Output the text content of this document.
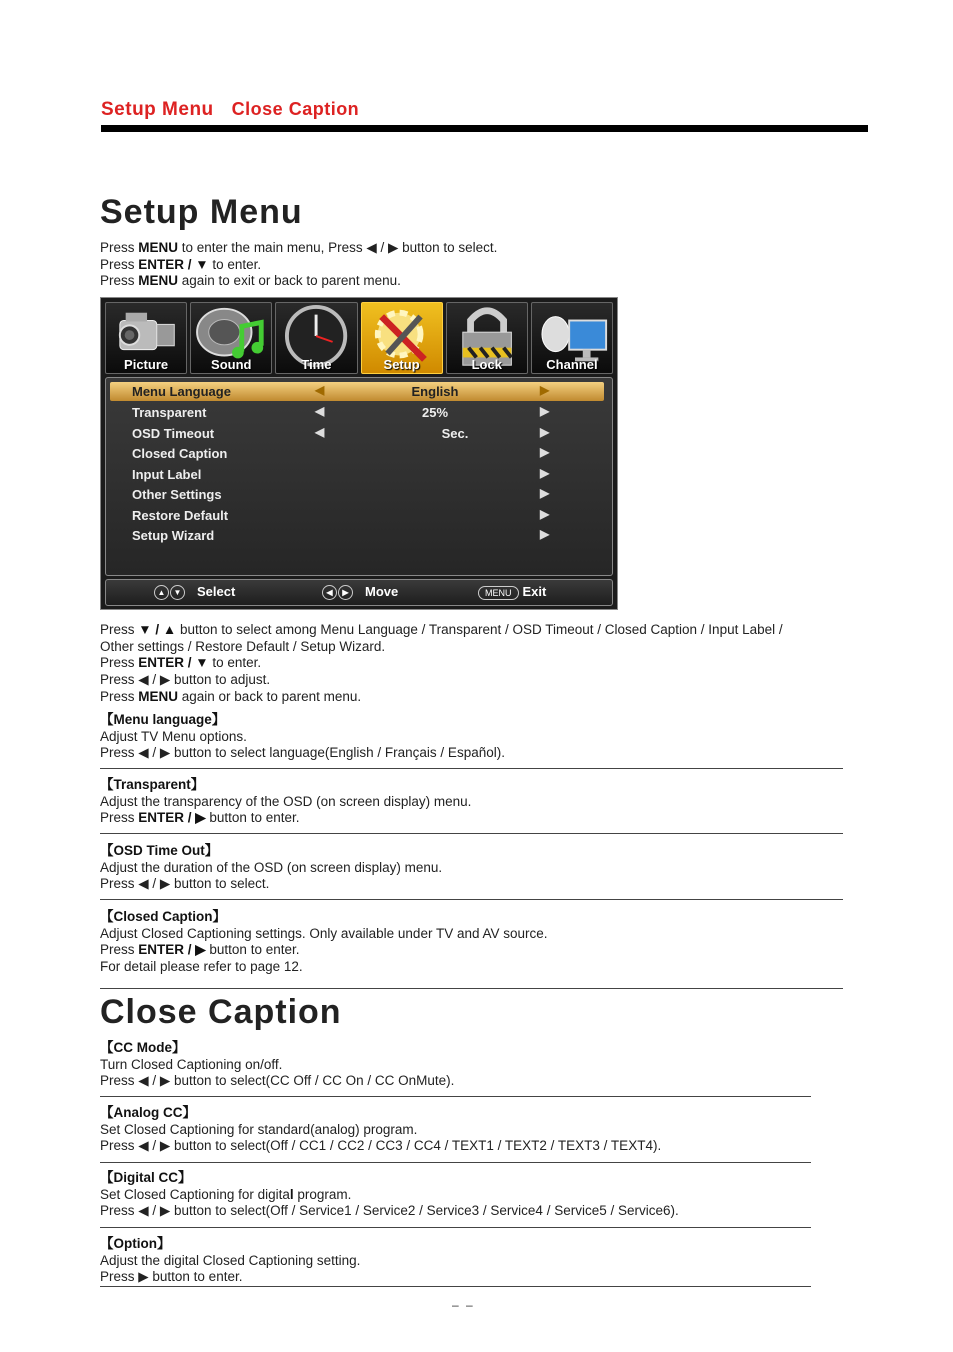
Setup Menu Close Caption
Setup Menu
Press MENU to enter the main menu, Press ◀ / ▶ button to select.
Press ENTER / ▼ to enter.
Press MENU again to exit or back to parent menu.
Picture	Sound	Time	Setup	Lock	Channel
Menu Language	◀	English	▶
Transparent	◀	25%	▶
OSD Timeout	◀	Sec.	▶
Closed Caption	▶
Input Label	▶
Other Settings	▶
Restore Default	▶
Setup Wizard	▶
▲ ▼ Select	◀ ▶ Move	MENU Exit
Press ▼ / ▲ button to select among Menu Language / Transparent / OSD Timeout / Closed Caption / Input Label /
Other settings / Restore Default / Setup Wizard.
Press ENTER / ▼ to enter.
Press ◀ / ▶ button to adjust.
Press MENU again or back to parent menu.
【Menu language】
Adjust TV Menu options.
Press ◀ / ▶ button to select language(English / Français / Español).
【Transparent】
Adjust the transparency of the OSD (on screen display) menu.
Press ENTER / ▶ button to enter.
【OSD Time Out】
Adjust the duration of the OSD (on screen display) menu.
Press ◀ / ▶ button to select.
【Closed Caption】
Adjust Closed Captioning settings. Only available under TV and AV source.
Press ENTER / ▶ button to enter.
For detail please refer to page 12.
Close Caption
【CC Mode】
Turn Closed Captioning on/off.
Press ◀ / ▶ button to select(CC Off / CC On / CC OnMute).
【Analog CC】
Set Closed Captioning for standard(analog) program.
Press ◀ / ▶ button to select(Off / CC1 / CC2 / CC3 / CC4 / TEXT1 / TEXT2 / TEXT3 / TEXT4).
【Digital CC】
Set Closed Captioning for digital program.
Press ◀ / ▶ button to select(Off / Service1 / Service2 / Service3 / Service4 / Service5 / Service6).
【Option】
Adjust the digital Closed Captioning setting.
Press ▶ button to enter.
– –
